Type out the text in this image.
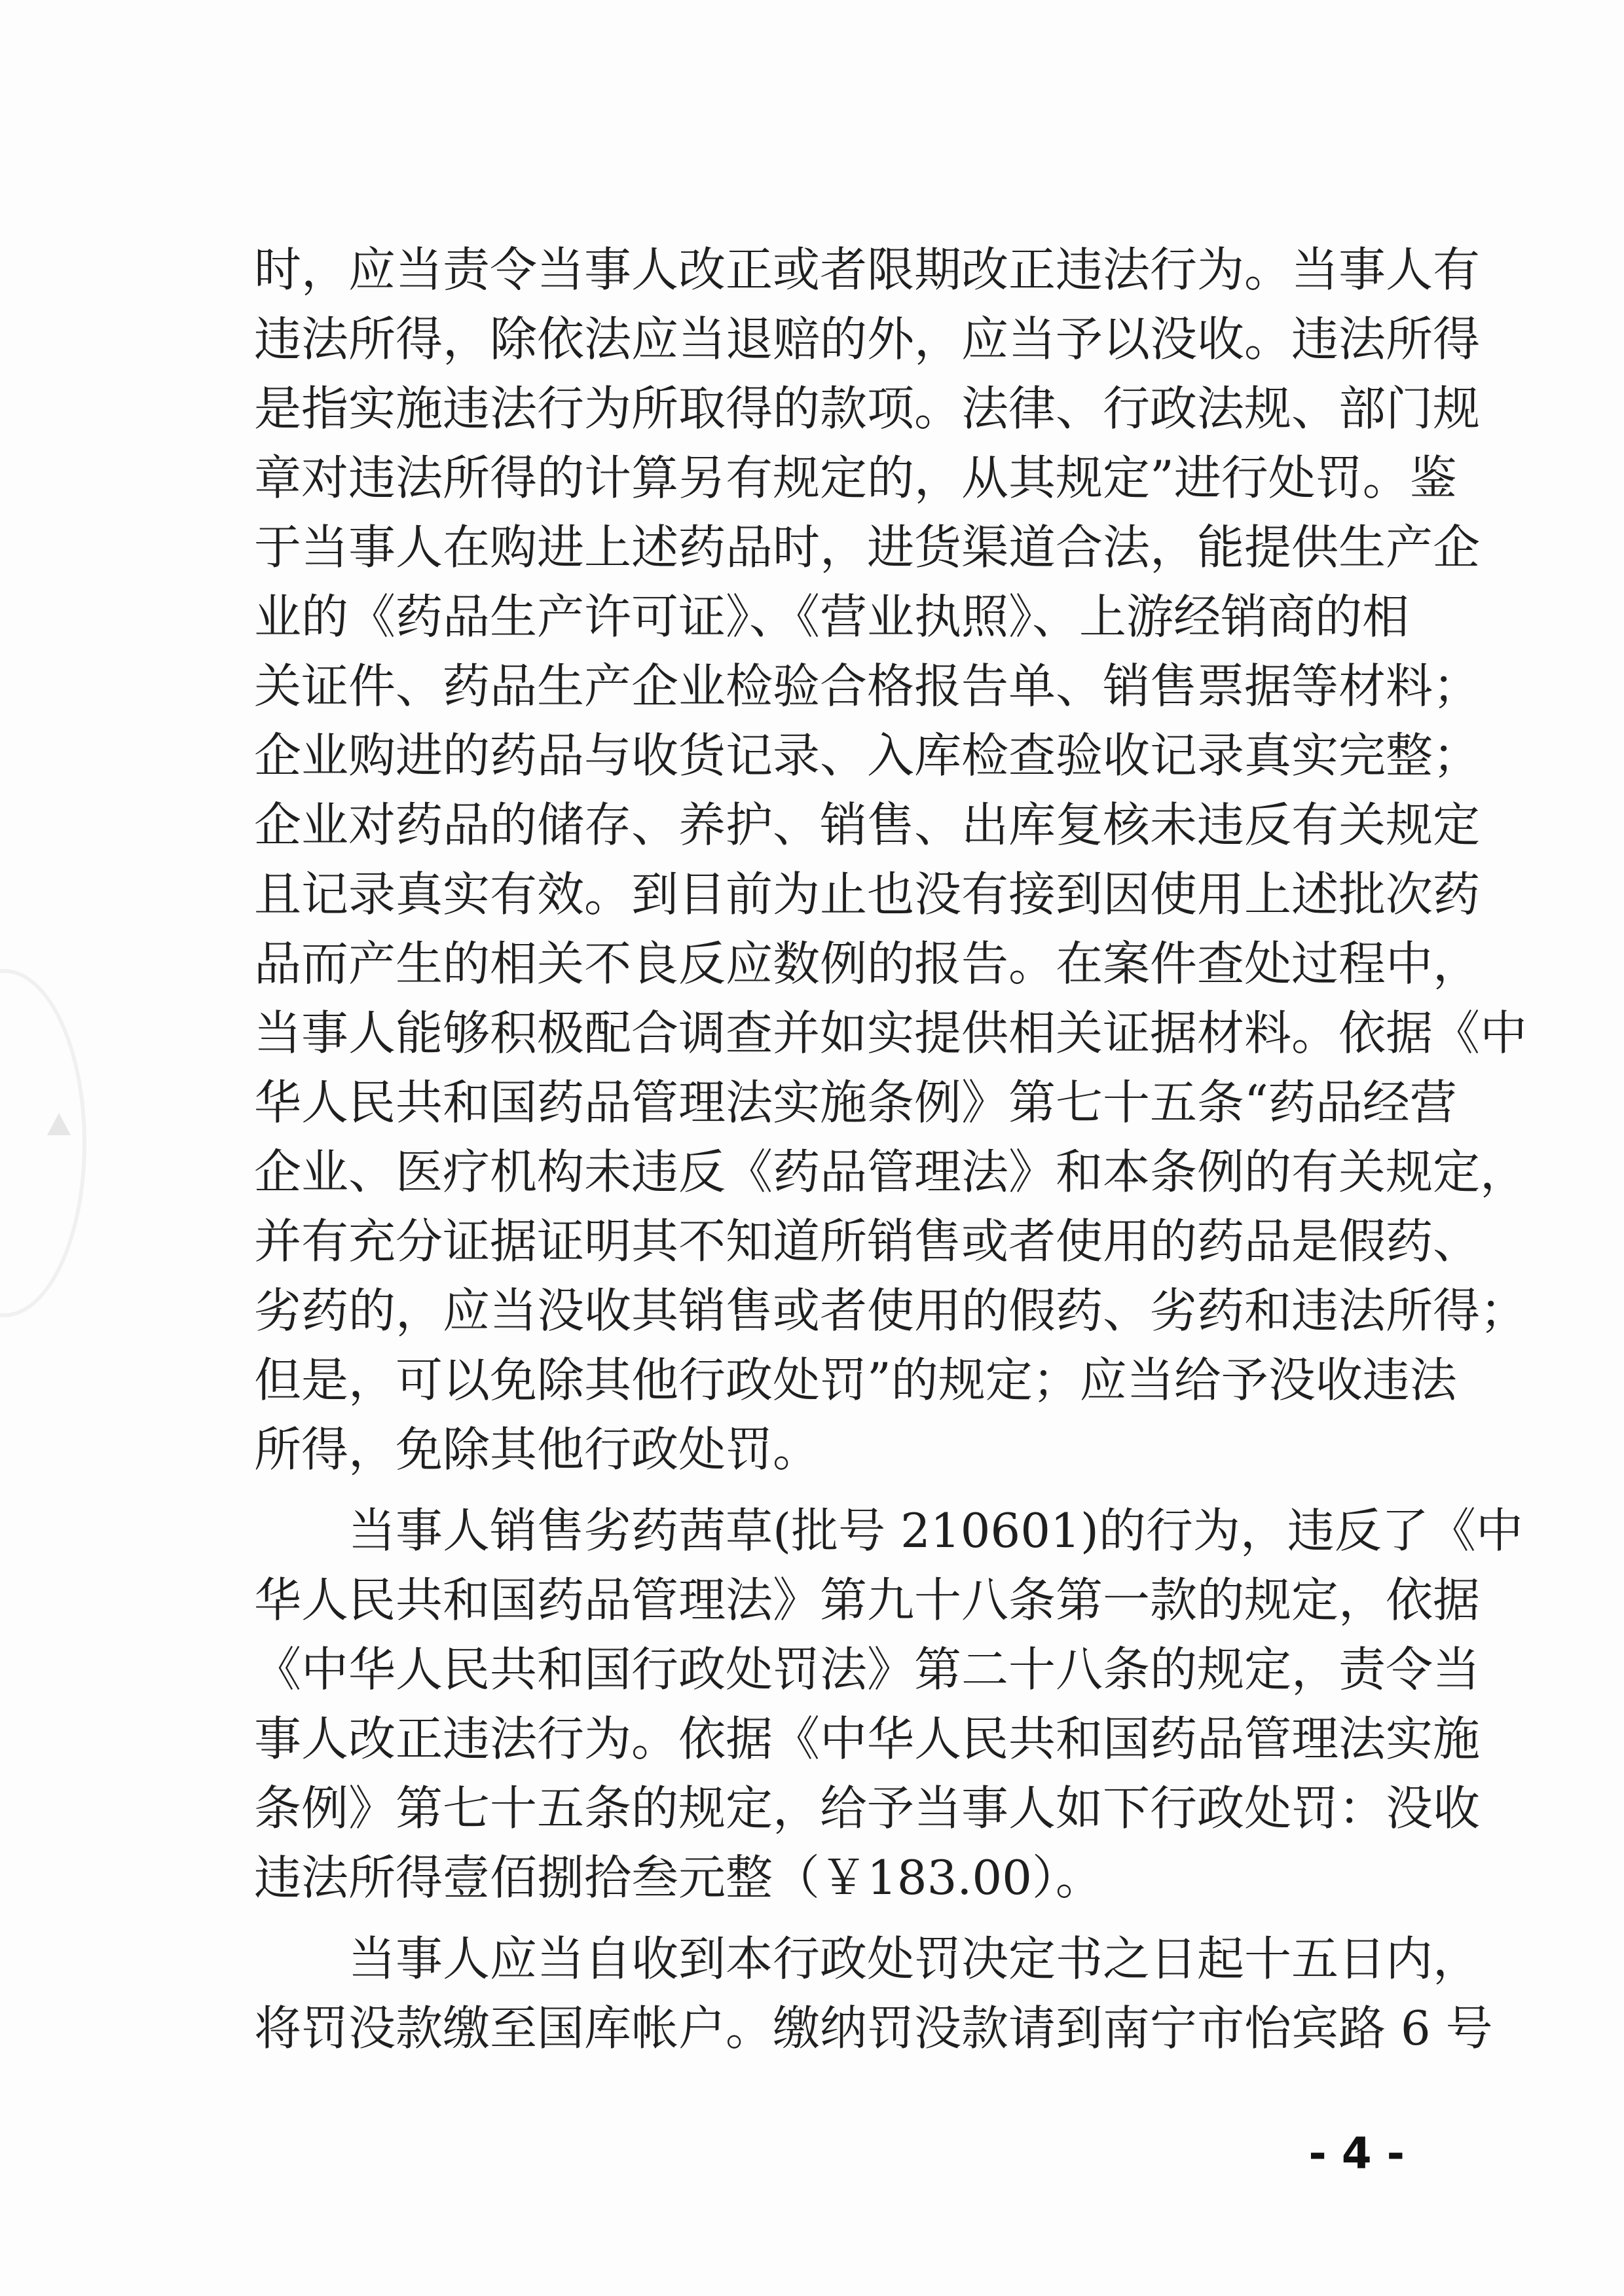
时，应当责令当事人改正或者限期改正违法行为。当事人有
违法所得，除依法应当退赔的外，应当予以没收。违法所得
是指实施违法行为所取得的款项。法律、行政法规、部门规
章对违法所得的计算另有规定的，从其规定”进行处罚。鉴
于当事人在购进上述药品时，进货渠道合法，能提供生产企
业的《药品生产许可证》、《营业执照》、上游经销商的相
关证件、药品生产企业检验合格报告单、销售票据等材料；
企业购进的药品与收货记录、入库检查验收记录真实完整；
企业对药品的储存、养护、销售、出库复核未违反有关规定
且记录真实有效。到目前为止也没有接到因使用上述批次药
品而产生的相关不良反应数例的报告。在案件查处过程中，
当事人能够积极配合调查并如实提供相关证据材料。依据《中
华人民共和国药品管理法实施条例》第七十五条“药品经营
企业、医疗机构未违反《药品管理法》和本条例的有关规定，
并有充分证据证明其不知道所销售或者使用的药品是假药、
劣药的，应当没收其销售或者使用的假药、劣药和违法所得；
但是，可以免除其他行政处罚”的规定；应当给予没收违法
所得，免除其他行政处罚。
当事人销售劣药茜草(批号 210601)的行为，违反了《中
华人民共和国药品管理法》第九十八条第一款的规定，依据
《中华人民共和国行政处罚法》第二十八条的规定，责令当
事人改正违法行为。依据《中华人民共和国药品管理法实施
条例》第七十五条的规定，给予当事人如下行政处罚：没收
违法所得壹佰捌拾叁元整（￥183.00）。
当事人应当自收到本行政处罚决定书之日起十五日内，
将罚没款缴至国库帐户。缴纳罚没款请到南宁市怡宾路 6 号
- 4 -
